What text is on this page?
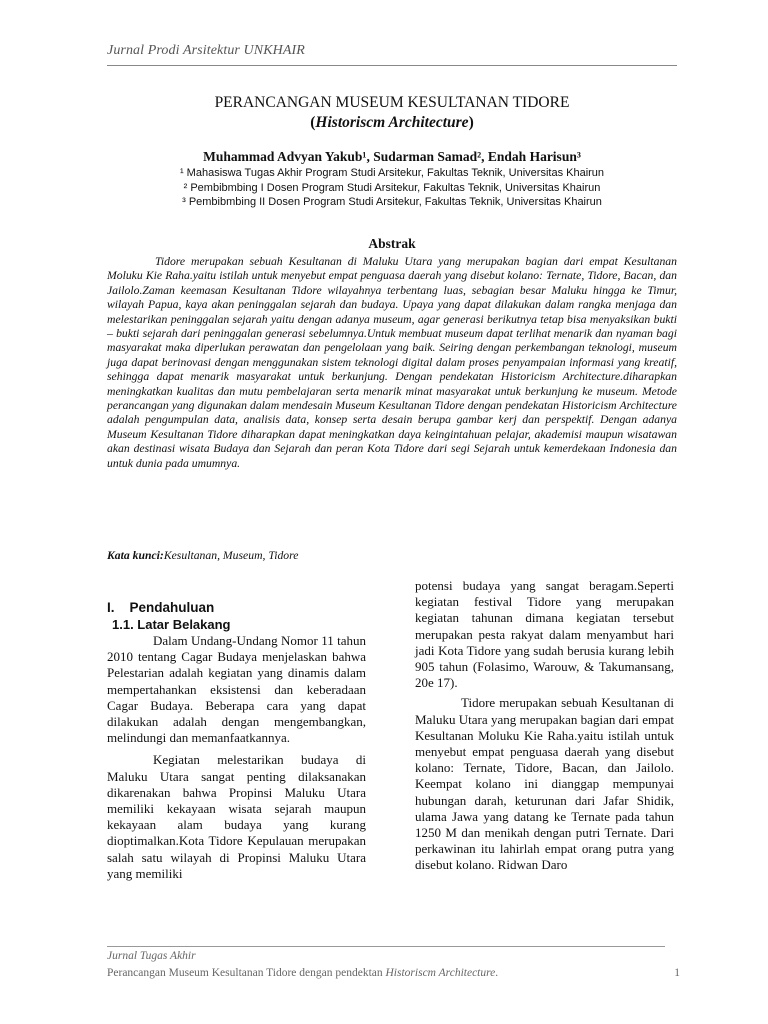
Jurnal Prodi Arsitektur UNKHAIR
PERANCANGAN MUSEUM KESULTANAN TIDORE
(Historiscm Architecture)
Muhammad Advyan Yakub¹, Sudarman Samad², Endah Harisun³
¹ Mahasiswa Tugas Akhir Program Studi Arsitekur, Fakultas Teknik, Universitas Khairun
² Pembibmbing I Dosen Program Studi Arsitekur, Fakultas Teknik, Universitas Khairun
³ Pembibmbing II Dosen Program Studi Arsitekur, Fakultas Teknik, Universitas Khairun
Abstrak

Tidore merupakan sebuah Kesultanan di Maluku Utara yang merupakan bagian dari empat Kesultanan Moluku Kie Raha.yaitu istilah untuk menyebut empat penguasa daerah yang disebut kolano: Ternate, Tidore, Bacan, dan Jailolo.Zaman keemasan Kesultanan Tidore wilayahnya terbentang luas, sebagian besar Maluku hingga ke Timur, wilayah Papua, kaya akan peninggalan sejarah dan budaya. Upaya yang dapat dilakukan dalam rangka menjaga dan melestarikan peninggalan sejarah yaitu dengan adanya museum, agar generasi berikutnya tetap bisa menyaksikan bukti – bukti sejarah dari peninggalan generasi sebelumnya.Untuk membuat museum dapat terlihat menarik dan nyaman bagi masyarakat maka diperlukan perawatan dan pengelolaan yang baik. Seiring dengan perkembangan teknologi, museum juga dapat berinovasi dengan menggunakan sistem teknologi digital dalam proses penyampaian informasi yang kreatif, sehingga dapat menarik masyarakat untuk berkunjung. Dengan pendekatan Historicism Architecture.diharapkan meningkatkan kualitas dan mutu pembelajaran serta menarik minat masyarakat untuk berkunjung ke museum. Metode perancangan yang digunakan dalam mendesain Museum Kesultanan Tidore dengan pendekatan Historicism Architecture adalah pengumpulan data, analisis data, konsep serta desain berupa gambar kerj dan perspektif. Dengan adanya Museum Kesultanan Tidore diharapkan dapat meningkatkan daya keingintahuan pelajar, akademisi maupun wisatawan akan destinasi wisata Budaya dan Sejarah dan peran Kota Tidore dari segi Sejarah untuk kemerdekaan Indonesia dan untuk dunia pada umumnya.

Kata kunci:Kesultanan, Museum, Tidore
I.    Pendahuluan
1.1. Latar Belakang

Dalam Undang-Undang Nomor 11 tahun 2010 tentang Cagar Budaya menjelaskan bahwa Pelestarian adalah kegiatan yang dinamis dalam mempertahankan eksistensi dan keberadaan Cagar Budaya. Beberapa cara yang dapat dilakukan adalah dengan mengembangkan, melindungi dan memanfaatkannya.

Kegiatan melestarikan budaya di Maluku Utara sangat penting dilaksanakan dikarenakan bahwa Propinsi Maluku Utara memiliki kekayaan wisata sejarah maupun kekayaan alam budaya yang kurang dioptimalkan.Kota Tidore Kepulauan merupakan salah satu wilayah di Propinsi Maluku Utara yang memiliki

potensi budaya yang sangat beragam.Seperti kegiatan festival Tidore yang merupakan kegiatan tahunan dimana kegiatan tersebut merupakan pesta rakyat dalam menyambut hari jadi Kota Tidore yang sudah berusia kurang lebih 905 tahun (Folasimo, Warouw, & Takumansang, 20e 17).

Tidore merupakan sebuah Kesultanan di Maluku Utara yang merupakan bagian dari empat Kesultanan Moluku Kie Raha.yaitu istilah untuk menyebut empat penguasa daerah yang disebut kolano: Ternate, Tidore, Bacan, dan Jailolo. Keempat kolano ini dianggap mempunyai hubungan darah, keturunan dari Jafar Shidik, ulama Jawa yang datang ke Ternate pada tahun 1250 M dan menikah dengan putri Ternate. Dari perkawinan itu lahirlah empat orang putra yang disebut kolano. Ridwan Daro

Jurnal Tugas Akhir
Perancangan Museum Kesultanan Tidore dengan pendektan Historiscm Architecture.	1
